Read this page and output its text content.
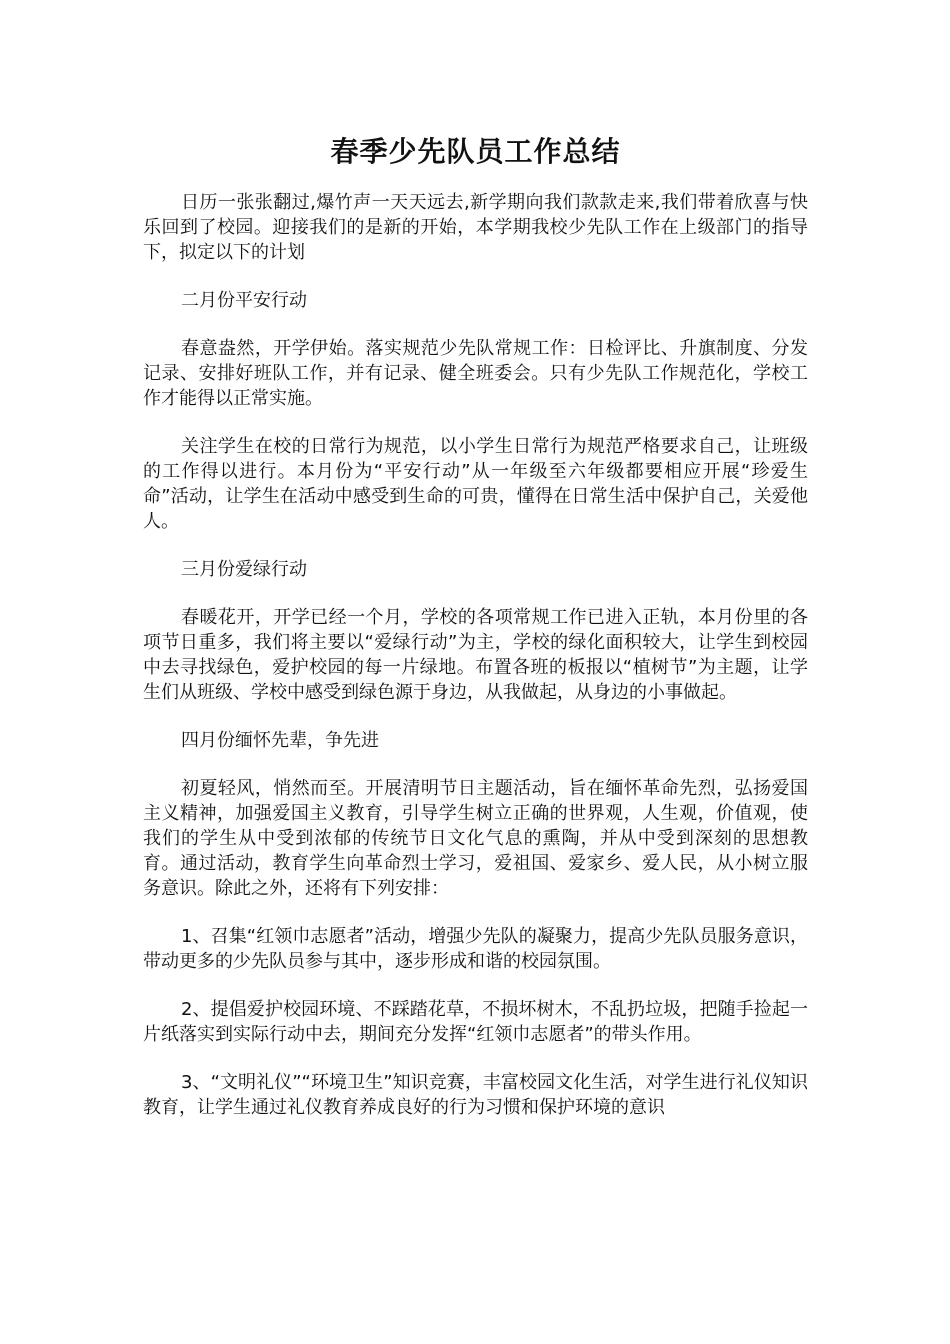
春季少先队员工作总结

日历一张张翻过,爆竹声一天天远去,新学期向我们款款走来,我们带着欣喜与快乐回到了校园。迎接我们的是新的开始，本学期我校少先队工作在上级部门的指导下，拟定以下的计划

二月份平安行动

春意盎然，开学伊始。落实规范少先队常规工作：日检评比、升旗制度、分发记录、安排好班队工作，并有记录、健全班委会。只有少先队工作规范化，学校工作才能得以正常实施。

关注学生在校的日常行为规范，以小学生日常行为规范严格要求自己，让班级的工作得以进行。本月份为“平安行动”从一年级至六年级都要相应开展“珍爱生命”活动，让学生在活动中感受到生命的可贵，懂得在日常生活中保护自己，关爱他人。

三月份爱绿行动

春暖花开，开学已经一个月，学校的各项常规工作已进入正轨，本月份里的各项节日重多，我们将主要以“爱绿行动”为主，学校的绿化面积较大，让学生到校园中去寻找绿色，爱护校园的每一片绿地。布置各班的板报以“植树节”为主题，让学生们从班级、学校中感受到绿色源于身边，从我做起，从身边的小事做起。

四月份缅怀先辈，争先进

初夏轻风，悄然而至。开展清明节日主题活动，旨在缅怀革命先烈，弘扬爱国主义精神，加强爱国主义教育，引导学生树立正确的世界观，人生观，价值观，使我们的学生从中受到浓郁的传统节日文化气息的熏陶，并从中受到深刻的思想教育。通过活动，教育学生向革命烈士学习，爱祖国、爱家乡、爱人民，从小树立服务意识。除此之外，还将有下列安排：

1、召集“红领巾志愿者”活动，增强少先队的凝聚力，提高少先队员服务意识，带动更多的少先队员参与其中，逐步形成和谐的校园氛围。

2、提倡爱护校园环境、不踩踏花草，不损坏树木，不乱扔垃圾，把随手捡起一片纸落实到实际行动中去，期间充分发挥“红领巾志愿者”的带头作用。

3、“文明礼仪”“环境卫生”知识竞赛，丰富校园文化生活，对学生进行礼仪知识教育，让学生通过礼仪教育养成良好的行为习惯和保护环境的意识
